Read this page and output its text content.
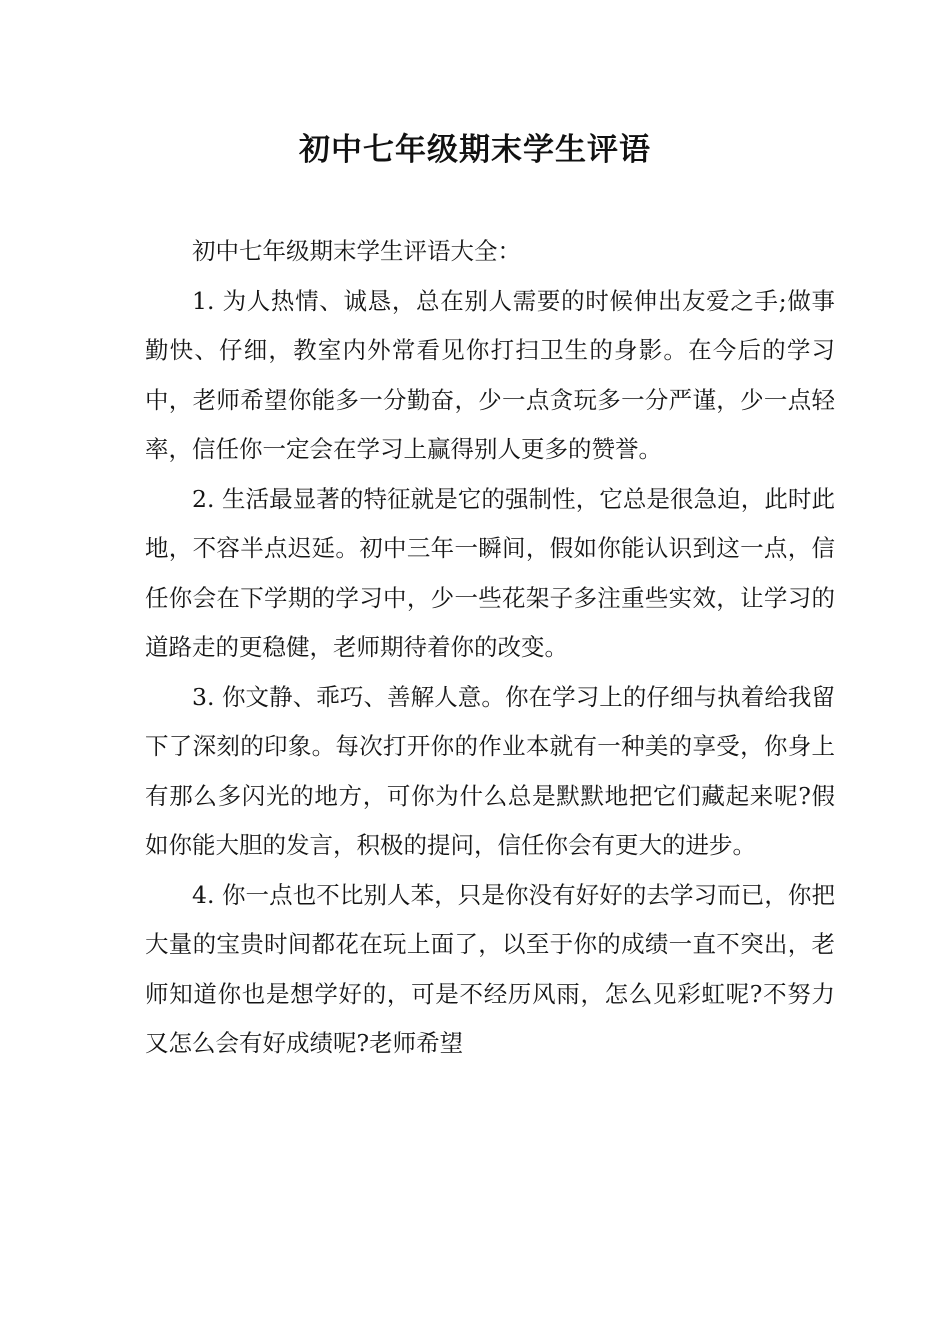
初中七年级期末学生评语

初中七年级期末学生评语大全：

1. 为人热情、诚恳，总在别人需要的时候伸出友爱之手;做事勤快、仔细，教室内外常看见你打扫卫生的身影。在今后的学习中，老师希望你能多一分勤奋，少一点贪玩多一分严谨，少一点轻率，信任你一定会在学习上赢得别人更多的赞誉。

2. 生活最显著的特征就是它的强制性，它总是很急迫，此时此地，不容半点迟延。初中三年一瞬间，假如你能认识到这一点，信任你会在下学期的学习中，少一些花架子多注重些实效，让学习的道路走的更稳健，老师期待着你的改变。

3. 你文静、乖巧、善解人意。你在学习上的仔细与执着给我留下了深刻的印象。每次打开你的作业本就有一种美的享受，你身上有那么多闪光的地方，可你为什么总是默默地把它们藏起来呢?假如你能大胆的发言，积极的提问，信任你会有更大的进步。

4. 你一点也不比别人苯，只是你没有好好的去学习而已，你把大量的宝贵时间都花在玩上面了，以至于你的成绩一直不突出，老师知道你也是想学好的，可是不经历风雨，怎么见彩虹呢?不努力又怎么会有好成绩呢?老师希望
